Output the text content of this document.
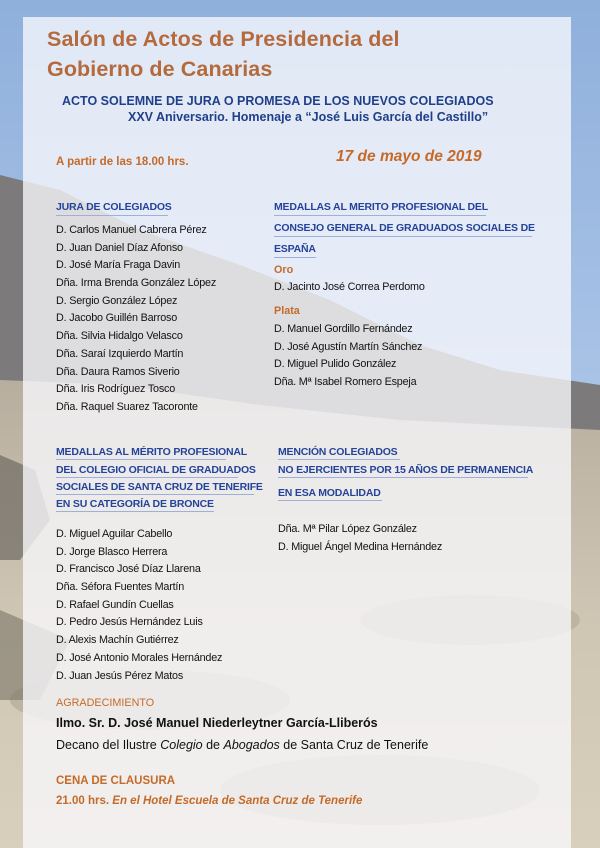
Salón de Actos de Presidencia del
Gobierno de Canarias
ACTO SOLEMNE DE JURA O PROMESA DE LOS NUEVOS COLEGIADOS
XXV Aniversario. Homenaje a “José Luis García del Castillo”
A partir de las 18.00 hrs.	17 de mayo de 2019
JURA DE COLEGIADOS
D. Carlos Manuel Cabrera Pérez
D. Juan Daniel Díaz Afonso
D. José María Fraga Davin
Dña. Irma Brenda González López
D. Sergio González López
D. Jacobo Guillén Barroso
Dña. Silvia Hidalgo Velasco
Dña. Saraí Izquierdo Martín
Dña. Daura Ramos Siverio
Dña. Iris Rodríguez Tosco
Dña. Raquel Suarez Tacoronte
MEDALLAS AL MERITO PROFESIONAL DEL
CONSEJO GENERAL DE GRADUADOS SOCIALES DE
ESPAÑA
Oro
D. Jacinto José Correa Perdomo
Plata
D. Manuel Gordillo Fernández
D. José Agustín Martín Sánchez
D. Miguel Pulido González
Dña. Mª Isabel Romero Espeja
MEDALLAS AL MÉRITO PROFESIONAL
DEL COLEGIO OFICIAL DE GRADUADOS
SOCIALES DE SANTA CRUZ DE TENERIFE
EN SU CATEGORÍA DE BRONCE
D. Miguel Aguilar Cabello
D. Jorge Blasco Herrera
D. Francisco José Díaz Llarena
Dña. Séfora Fuentes Martín
D. Rafael Gundín Cuellas
D. Pedro Jesús Hernández Luis
D. Alexis Machín Gutiérrez
D. José Antonio Morales Hernández
D. Juan Jesús Pérez Matos
MENCIÓN COLEGIADOS
NO EJERCIENTES POR 15 AÑOS DE PERMANENCIA
EN ESA MODALIDAD
Dña. Mª Pilar López González
D. Miguel Ángel Medina Hernández
AGRADECIMIENTO
Ilmo. Sr. D. José Manuel Niederleytner García-Lliberós
Decano del Ilustre Colegio de Abogados de Santa Cruz de Tenerife
CENA DE CLAUSURA
21.00 hrs. En el Hotel Escuela de Santa Cruz de Tenerife
